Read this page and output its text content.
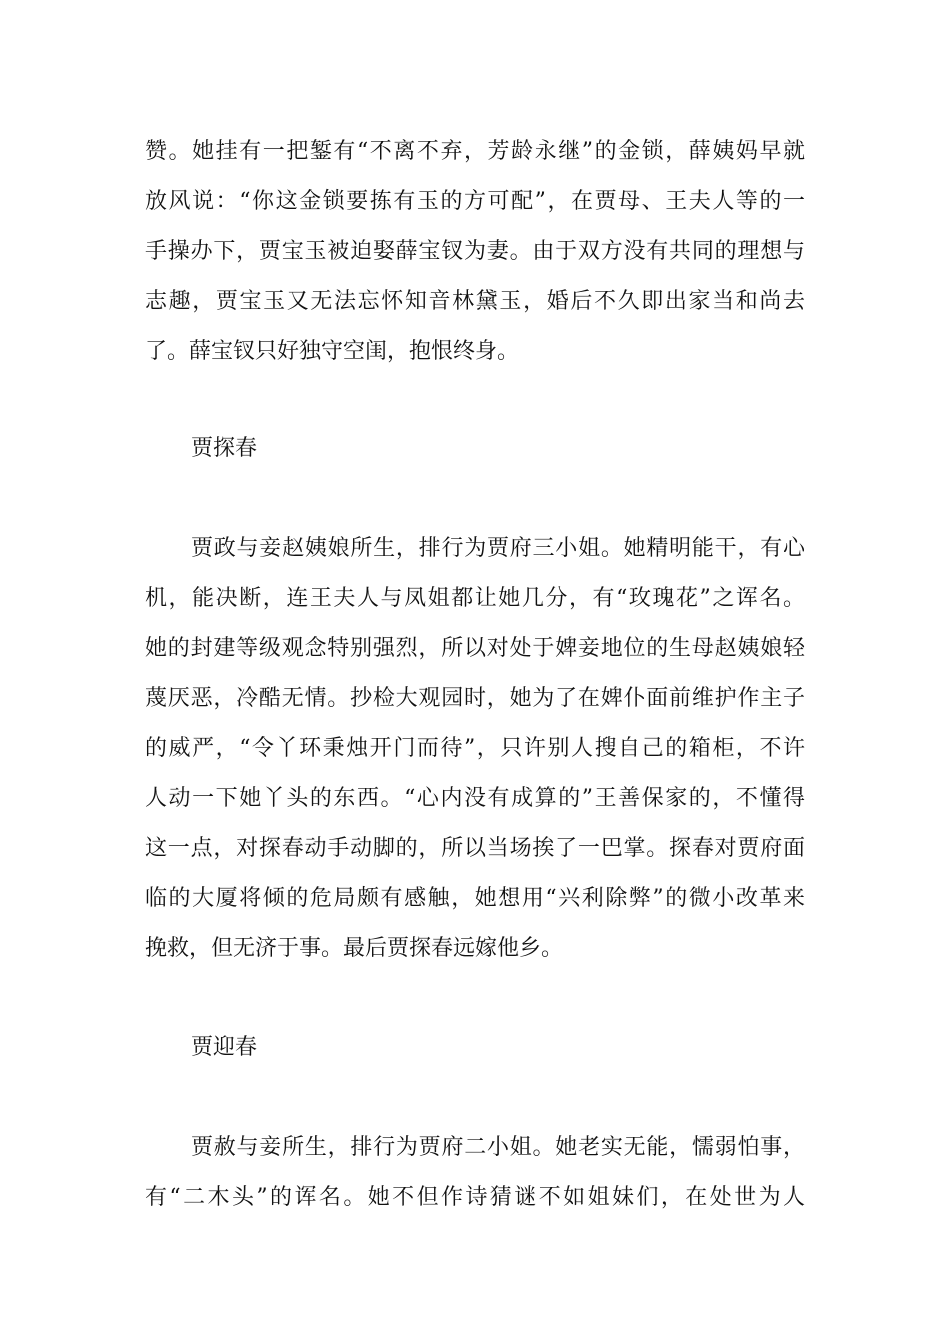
赞。她挂有一把錾有“不离不弃，芳龄永继”的金锁，薛姨妈早就
放风说：“你这金锁要拣有玉的方可配”，在贾母、王夫人等的一
手操办下，贾宝玉被迫娶薛宝钗为妻。由于双方没有共同的理想与
志趣，贾宝玉又无法忘怀知音林黛玉，婚后不久即出家当和尚去
了。薛宝钗只好独守空闺，抱恨终身。
贾探春
贾政与妾赵姨娘所生，排行为贾府三小姐。她精明能干，有心
机，能决断，连王夫人与凤姐都让她几分，有“玫瑰花”之诨名。
她的封建等级观念特别强烈，所以对处于婢妾地位的生母赵姨娘轻
蔑厌恶，冷酷无情。抄检大观园时，她为了在婢仆面前维护作主子
的威严，“令丫环秉烛开门而待”，只许别人搜自己的箱柜，不许
人动一下她丫头的东西。“心内没有成算的”王善保家的，不懂得
这一点，对探春动手动脚的，所以当场挨了一巴掌。探春对贾府面
临的大厦将倾的危局颇有感触，她想用“兴利除弊”的微小改革来
挽救，但无济于事。最后贾探春远嫁他乡。
贾迎春
贾赦与妾所生，排行为贾府二小姐。她老实无能，懦弱怕事，
有“二木头”的诨名。她不但作诗猜谜不如姐妹们，在处世为人
